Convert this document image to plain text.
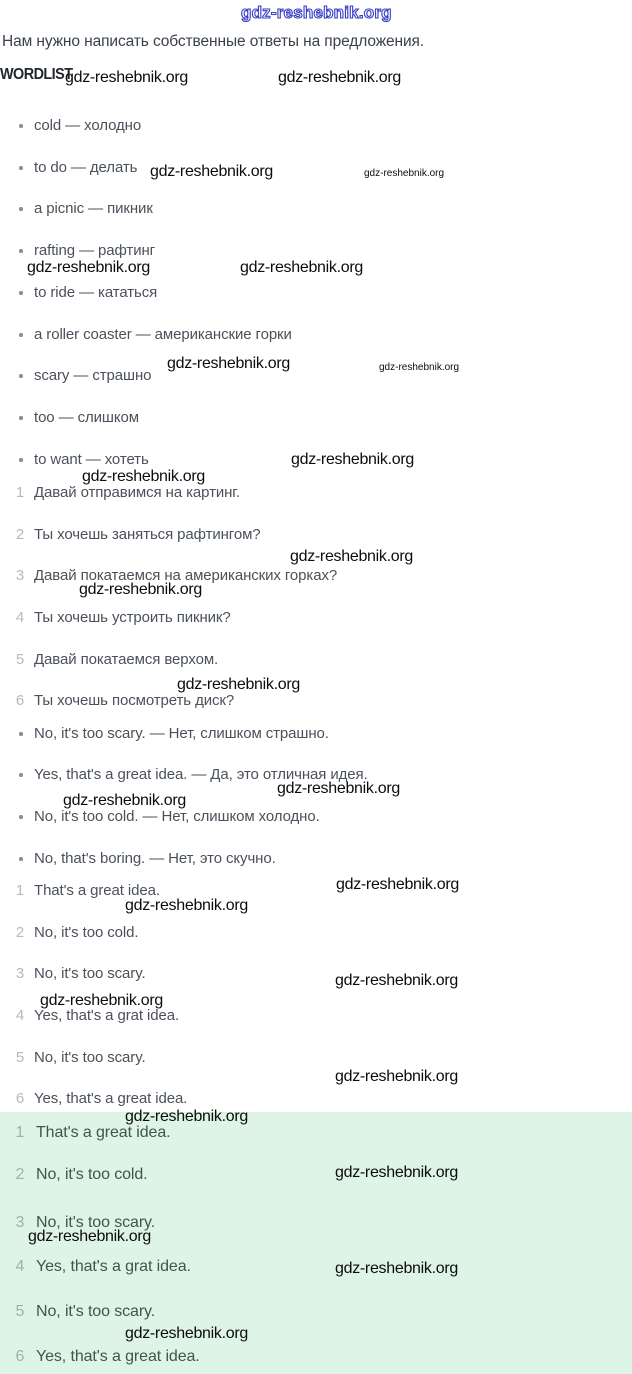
gdz-reshebnik.org
Нам нужно написать собственные ответы на предложения.
WORDLIST
cold — холодно
to do — делать
a picnic — пикник
rafting — рафтинг
to ride — кататься
a roller coaster — американские горки
scary — страшно
too — слишком
to want — хотеть
1 Давай отправимся на картинг.
2 Ты хочешь заняться рафтингом?
3 Давай покатаемся на американских горках?
4 Ты хочешь устроить пикник?
5 Давай покатаемся верхом.
6 Ты хочешь посмотреть диск?
No, it's too scary. — Нет, слишком страшно.
Yes, that's a great idea. — Да, это отличная идея.
No, it's too cold. — Нет, слишком холодно.
No, that's boring. — Нет, это скучно.
1 That's a great idea.
2 No, it's too cold.
3 No, it's too scary.
4 Yes, that's a grat idea.
5 No, it's too scary.
6 Yes, that's a great idea.
1 That's a great idea.
2 No, it's too cold.
3 No, it's too scary.
4 Yes, that's a grat idea.
5 No, it's too scary.
6 Yes, that's a great idea.
gdz-reshebnik.org	gdz-reshebnik.org
gdz-reshebnik.org	gdz-reshebnik.org
gdz-reshebnik.org	gdz-reshebnik.org
gdz-reshebnik.org	gdz-reshebnik.org
gdz-reshebnik.org
gdz-reshebnik.org
gdz-reshebnik.org
gdz-reshebnik.org
gdz-reshebnik.org
gdz-reshebnik.org
gdz-reshebnik.org
gdz-reshebnik.org
gdz-reshebnik.org
gdz-reshebnik.org
gdz-reshebnik.org
gdz-reshebnik.org
gdz-reshebnik.org
gdz-reshebnik.org
gdz-reshebnik.org
gdz-reshebnik.org
gdz-reshebnik.org
